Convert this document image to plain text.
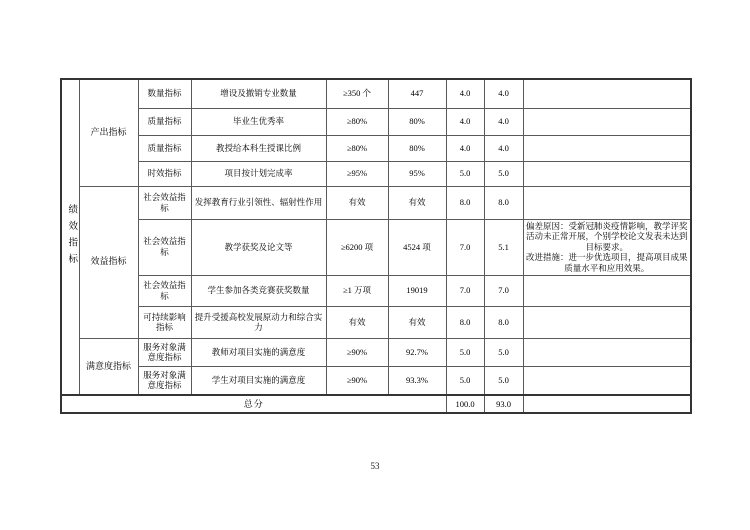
绩效指标	产出指标	数量指标	增设及撤销专业数量	≥350 个	447	4.0	4.0	
		质量指标	毕业生优秀率	≥80%	80%	4.0	4.0	
		质量指标	教授给本科生授课比例	≥80%	80%	4.0	4.0	
		时效指标	项目按计划完成率	≥95%	95%	5.0	5.0	
	效益指标	社会效益指标	发挥教育行业引领性、辐射性作用	有效	有效	8.0	8.0	
		社会效益指标	教学获奖及论文等	≥6200 项	4524 项	7.0	5.1	偏差原因：受新冠肺炎疫情影响，教学评奖活动未正常开展，个别学校论文发表未达到目标要求。
改进措施：进一步优选项目，提高项目成果质量水平和应用效果。

		社会效益指标	学生参加各类竞赛获奖数量	≥1 万项	19019	7.0	7.0	
		可持续影响指标	提升受援高校发展原动力和综合实力	有效	有效	8.0	8.0	
	满意度指标	服务对象满意度指标	教师对项目实施的满意度	≥90%	92.7%	5.0	5.0	
		服务对象满意度指标	学生对项目实施的满意度	≥90%	93.3%	5.0	5.0	
总分						100.0	93.0	
53
